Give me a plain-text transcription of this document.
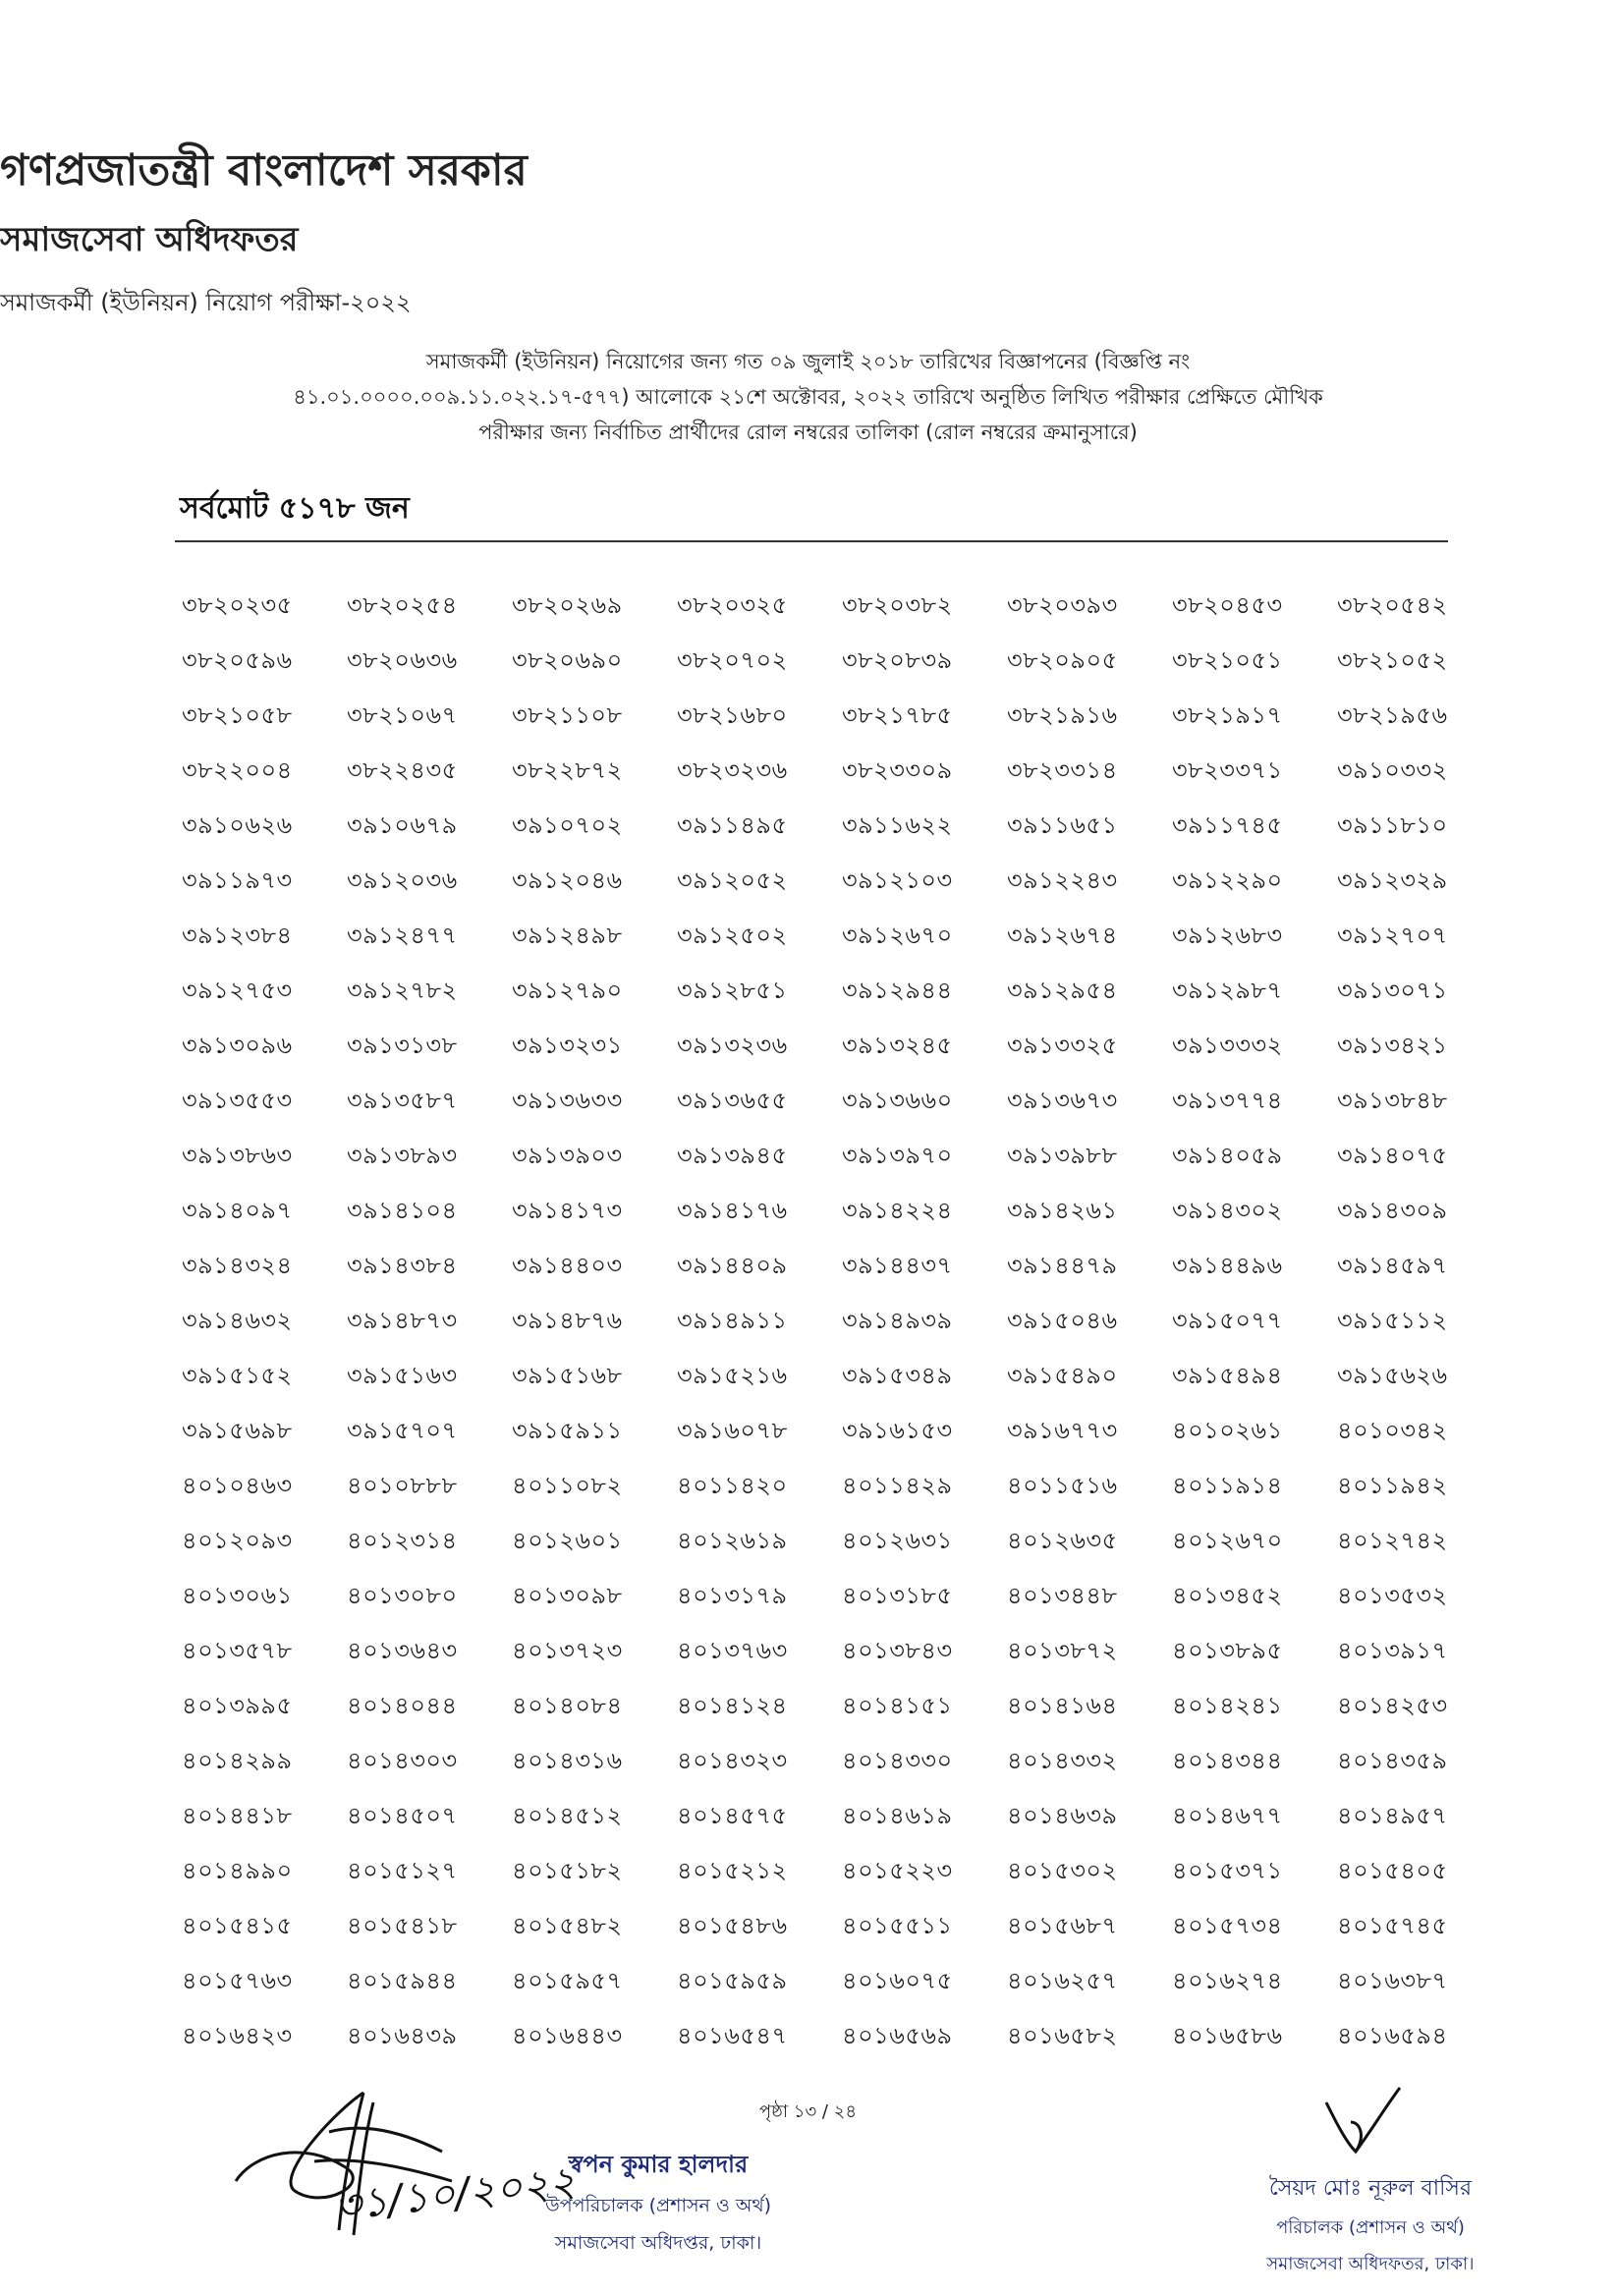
গণপ্রজাতন্ত্রী বাংলাদেশ সরকার
সমাজসেবা অধিদফতর
সমাজকর্মী (ইউনিয়ন) নিয়োগ পরীক্ষা-২০২২
সমাজকর্মী (ইউনিয়ন) নিয়োগের জন্য গত ০৯ জুলাই ২০১৮ তারিখের বিজ্ঞাপনের (বিজ্ঞপ্তি নং
৪১.০১.০০০০.০০৯.১১.০২২.১৭-৫৭৭) আলোকে ২১শে অক্টোবর, ২০২২ তারিখে অনুষ্ঠিত লিখিত পরীক্ষার প্রেক্ষিতে মৌখিক
পরীক্ষার জন্য নির্বাচিত প্রার্থীদের রোল নম্বরের তালিকা (রোল নম্বরের ক্রমানুসারে)
সর্বমোট ৫১৭৮ জন
৩৮২০২৩৫	৩৮২০২৫৪	৩৮২০২৬৯	৩৮২০৩২৫	৩৮২০৩৮২	৩৮২০৩৯৩	৩৮২০৪৫৩	৩৮২০৫৪২
৩৮২০৫৯৬	৩৮২০৬৩৬	৩৮২০৬৯০	৩৮২০৭০২	৩৮২০৮৩৯	৩৮২০৯০৫	৩৮২১০৫১	৩৮২১০৫২
৩৮২১০৫৮	৩৮২১০৬৭	৩৮২১১০৮	৩৮২১৬৮০	৩৮২১৭৮৫	৩৮২১৯১৬	৩৮২১৯১৭	৩৮২১৯৫৬
৩৮২২০০৪	৩৮২২৪৩৫	৩৮২২৮৭২	৩৮২৩২৩৬	৩৮২৩৩০৯	৩৮২৩৩১৪	৩৮২৩৩৭১	৩৯১০৩৩২
৩৯১০৬২৬	৩৯১০৬৭৯	৩৯১০৭০২	৩৯১১৪৯৫	৩৯১১৬২২	৩৯১১৬৫১	৩৯১১৭৪৫	৩৯১১৮১০
৩৯১১৯৭৩	৩৯১২০৩৬	৩৯১২০৪৬	৩৯১২০৫২	৩৯১২১০৩	৩৯১২২৪৩	৩৯১২২৯০	৩৯১২৩২৯
৩৯১২৩৮৪	৩৯১২৪৭৭	৩৯১২৪৯৮	৩৯১২৫০২	৩৯১২৬৭০	৩৯১২৬৭৪	৩৯১২৬৮৩	৩৯১২৭০৭
৩৯১২৭৫৩	৩৯১২৭৮২	৩৯১২৭৯০	৩৯১২৮৫১	৩৯১২৯৪৪	৩৯১২৯৫৪	৩৯১২৯৮৭	৩৯১৩০৭১
৩৯১৩০৯৬	৩৯১৩১৩৮	৩৯১৩২৩১	৩৯১৩২৩৬	৩৯১৩২৪৫	৩৯১৩৩২৫	৩৯১৩৩৩২	৩৯১৩৪২১
৩৯১৩৫৫৩	৩৯১৩৫৮৭	৩৯১৩৬৩৩	৩৯১৩৬৫৫	৩৯১৩৬৬০	৩৯১৩৬৭৩	৩৯১৩৭৭৪	৩৯১৩৮৪৮
৩৯১৩৮৬৩	৩৯১৩৮৯৩	৩৯১৩৯০৩	৩৯১৩৯৪৫	৩৯১৩৯৭০	৩৯১৩৯৮৮	৩৯১৪০৫৯	৩৯১৪০৭৫
৩৯১৪০৯৭	৩৯১৪১০৪	৩৯১৪১৭৩	৩৯১৪১৭৬	৩৯১৪২২৪	৩৯১৪২৬১	৩৯১৪৩০২	৩৯১৪৩০৯
৩৯১৪৩২৪	৩৯১৪৩৮৪	৩৯১৪৪০৩	৩৯১৪৪০৯	৩৯১৪৪৩৭	৩৯১৪৪৭৯	৩৯১৪৪৯৬	৩৯১৪৫৯৭
৩৯১৪৬৩২	৩৯১৪৮৭৩	৩৯১৪৮৭৬	৩৯১৪৯১১	৩৯১৪৯৩৯	৩৯১৫০৪৬	৩৯১৫০৭৭	৩৯১৫১১২
৩৯১৫১৫২	৩৯১৫১৬৩	৩৯১৫১৬৮	৩৯১৫২১৬	৩৯১৫৩৪৯	৩৯১৫৪৯০	৩৯১৫৪৯৪	৩৯১৫৬২৬
৩৯১৫৬৯৮	৩৯১৫৭০৭	৩৯১৫৯১১	৩৯১৬০৭৮	৩৯১৬১৫৩	৩৯১৬৭৭৩	৪০১০২৬১	৪০১০৩৪২
৪০১০৪৬৩	৪০১০৮৮৮	৪০১১০৮২	৪০১১৪২০	৪০১১৪২৯	৪০১১৫১৬	৪০১১৯১৪	৪০১১৯৪২
৪০১২০৯৩	৪০১২৩১৪	৪০১২৬০১	৪০১২৬১৯	৪০১২৬৩১	৪০১২৬৩৫	৪০১২৬৭০	৪০১২৭৪২
৪০১৩০৬১	৪০১৩০৮০	৪০১৩০৯৮	৪০১৩১৭৯	৪০১৩১৮৫	৪০১৩৪৪৮	৪০১৩৪৫২	৪০১৩৫৩২
৪০১৩৫৭৮	৪০১৩৬৪৩	৪০১৩৭২৩	৪০১৩৭৬৩	৪০১৩৮৪৩	৪০১৩৮৭২	৪০১৩৮৯৫	৪০১৩৯১৭
৪০১৩৯৯৫	৪০১৪০৪৪	৪০১৪০৮৪	৪০১৪১২৪	৪০১৪১৫১	৪০১৪১৬৪	৪০১৪২৪১	৪০১৪২৫৩
৪০১৪২৯৯	৪০১৪৩০৩	৪০১৪৩১৬	৪০১৪৩২৩	৪০১৪৩৩০	৪০১৪৩৩২	৪০১৪৩৪৪	৪০১৪৩৫৯
৪০১৪৪১৮	৪০১৪৫০৭	৪০১৪৫১২	৪০১৪৫৭৫	৪০১৪৬১৯	৪০১৪৬৩৯	৪০১৪৬৭৭	৪০১৪৯৫৭
৪০১৪৯৯০	৪০১৫১২৭	৪০১৫১৮২	৪০১৫২১২	৪০১৫২২৩	৪০১৫৩০২	৪০১৫৩৭১	৪০১৫৪০৫
৪০১৫৪১৫	৪০১৫৪১৮	৪০১৫৪৮২	৪০১৫৪৮৬	৪০১৫৫১১	৪০১৫৬৮৭	৪০১৫৭৩৪	৪০১৫৭৪৫
৪০১৫৭৬৩	৪০১৫৯৪৪	৪০১৫৯৫৭	৪০১৫৯৫৯	৪০১৬০৭৫	৪০১৬২৫৭	৪০১৬২৭৪	৪০১৬৩৮৭
৪০১৬৪২৩	৪০১৬৪৩৯	৪০১৬৪৪৩	৪০১৬৫৪৭	৪০১৬৫৬৯	৪০১৬৫৮২	৪০১৬৫৮৬	৪০১৬৫৯৪
পৃষ্ঠা ১৩ / ২৪
৩১/১০/২০২২
স্বপন কুমার হালদার
উপপরিচালক (প্রশাসন ও অর্থ)
সমাজসেবা অধিদপ্তর, ঢাকা।
সৈয়দ মোঃ নূরুল বাসির
পরিচালক (প্রশাসন ও অর্থ)
সমাজসেবা অধিদফতর, ঢাকা।
